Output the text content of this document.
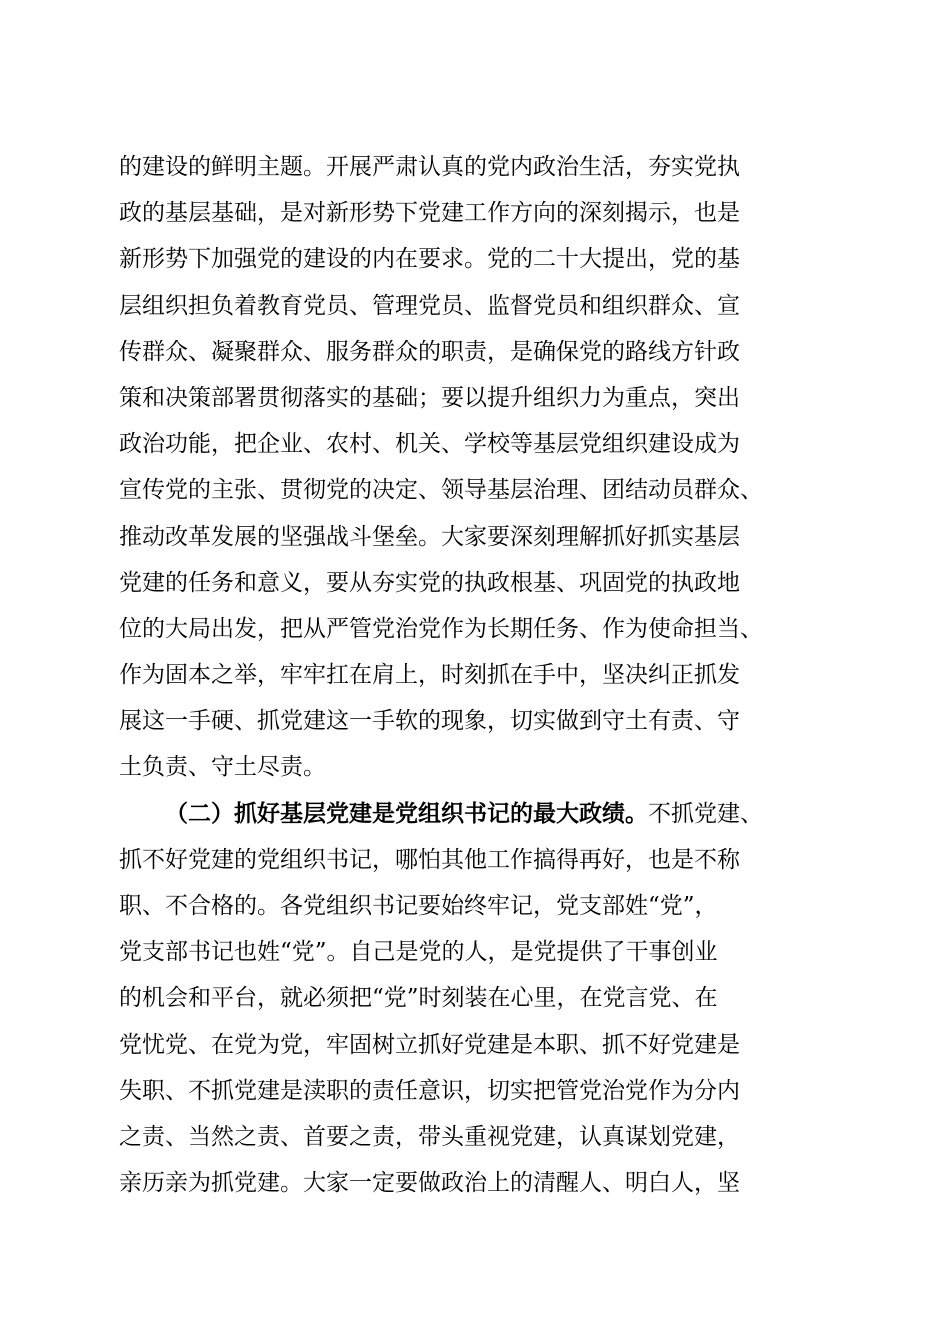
的建设的鲜明主题。开展严肃认真的党内政治生活，夯实党执
政的基层基础，是对新形势下党建工作方向的深刻揭示，也是
新形势下加强党的建设的内在要求。党的二十大提出，党的基
层组织担负着教育党员、管理党员、监督党员和组织群众、宣
传群众、凝聚群众、服务群众的职责，是确保党的路线方针政
策和决策部署贯彻落实的基础；要以提升组织力为重点，突出
政治功能，把企业、农村、机关、学校等基层党组织建设成为
宣传党的主张、贯彻党的决定、领导基层治理、团结动员群众、
推动改革发展的坚强战斗堡垒。大家要深刻理解抓好抓实基层
党建的任务和意义，要从夯实党的执政根基、巩固党的执政地
位的大局出发，把从严管党治党作为长期任务、作为使命担当、
作为固本之举，牢牢扛在肩上，时刻抓在手中，坚决纠正抓发
展这一手硬、抓党建这一手软的现象，切实做到守土有责、守
土负责、守土尽责。
（二）抓好基层党建是党组织书记的最大政绩。不抓党建、
抓不好党建的党组织书记，哪怕其他工作搞得再好，也是不称
职、不合格的。各党组织书记要始终牢记，党支部姓“党”，
党支部书记也姓“党”。自己是党的人，是党提供了干事创业
的机会和平台，就必须把“党”时刻装在心里，在党言党、在
党忧党、在党为党，牢固树立抓好党建是本职、抓不好党建是
失职、不抓党建是渎职的责任意识，切实把管党治党作为分内
之责、当然之责、首要之责，带头重视党建，认真谋划党建，
亲历亲为抓党建。大家一定要做政治上的清醒人、明白人，坚
